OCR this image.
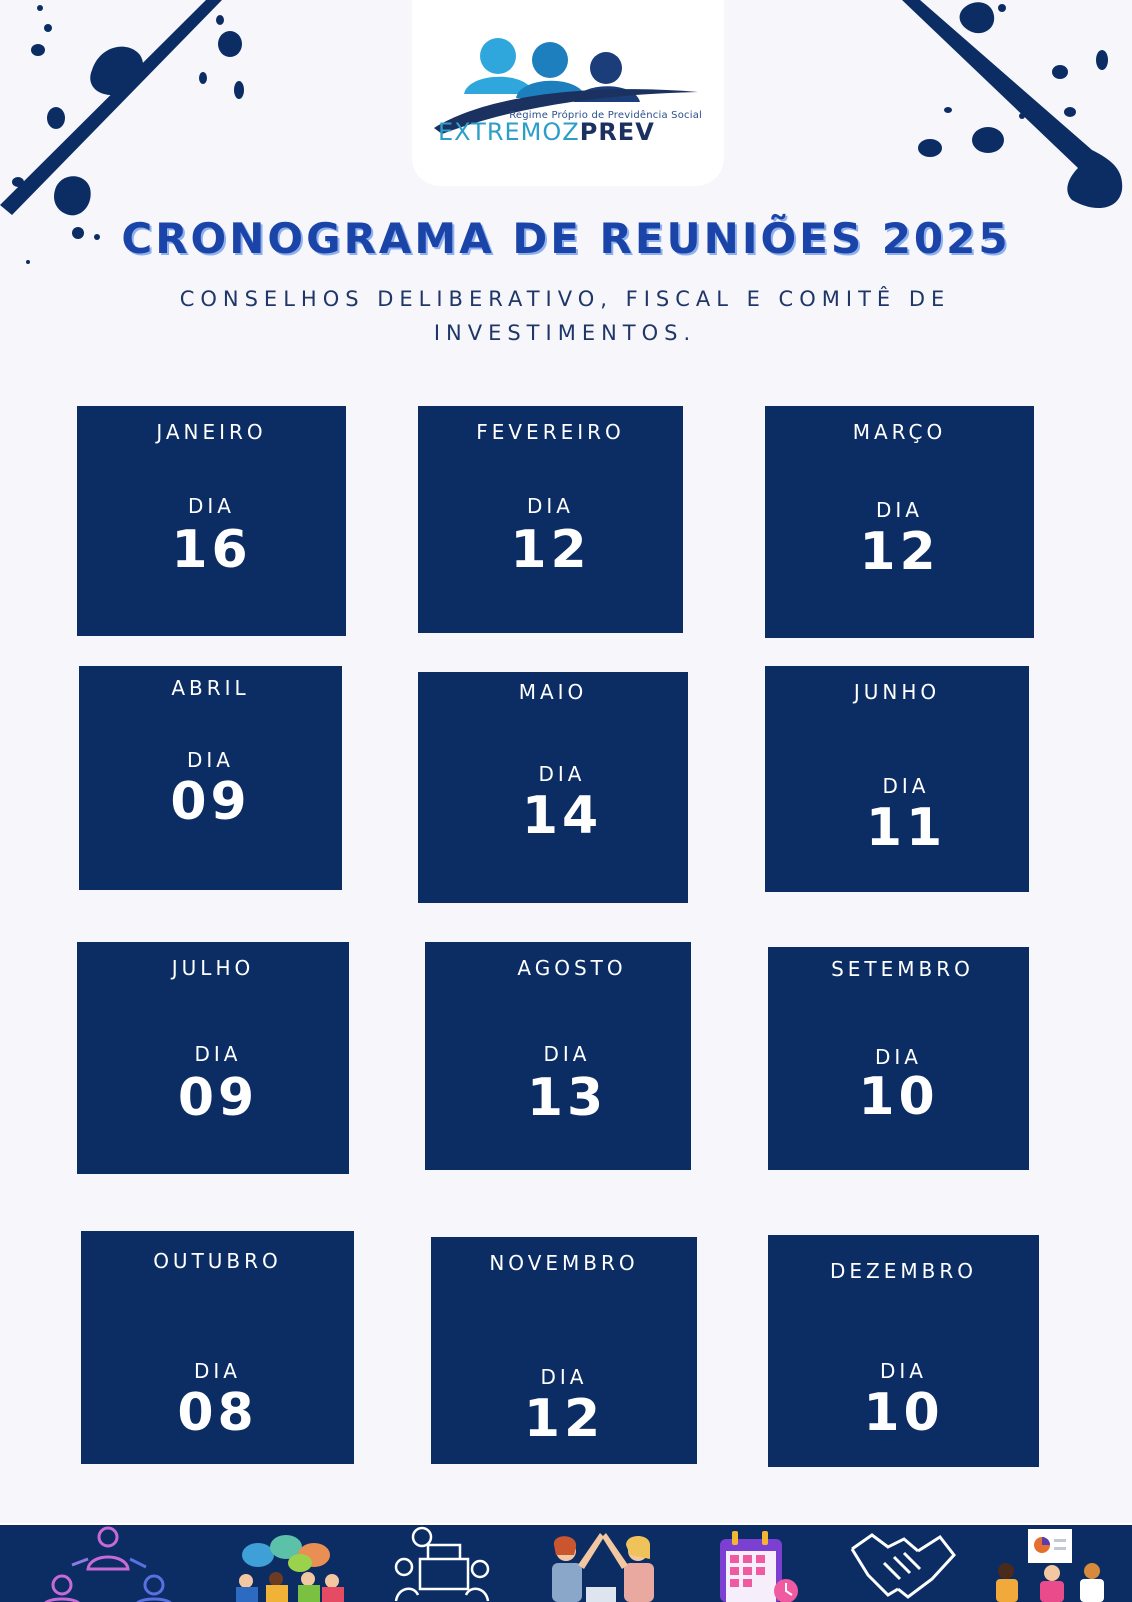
Regime Próprio de Previdência Social
EXTREMOZPREV
CRONOGRAMA DE REUNIÕES 2025
CONSELHOS DELIBERATIVO, FISCAL E COMITÊ DE
INVESTIMENTOS.
JANEIRO
DIA
16
FEVEREIRO
DIA
12
MARÇO
DIA
12
ABRIL
DIA
09
MAIO
DIA
14
JUNHO
DIA
11
JULHO
DIA
09
AGOSTO
DIA
13
SETEMBRO
DIA
10
OUTUBRO
DIA
08
NOVEMBRO
DIA
12
DEZEMBRO
DIA
10
